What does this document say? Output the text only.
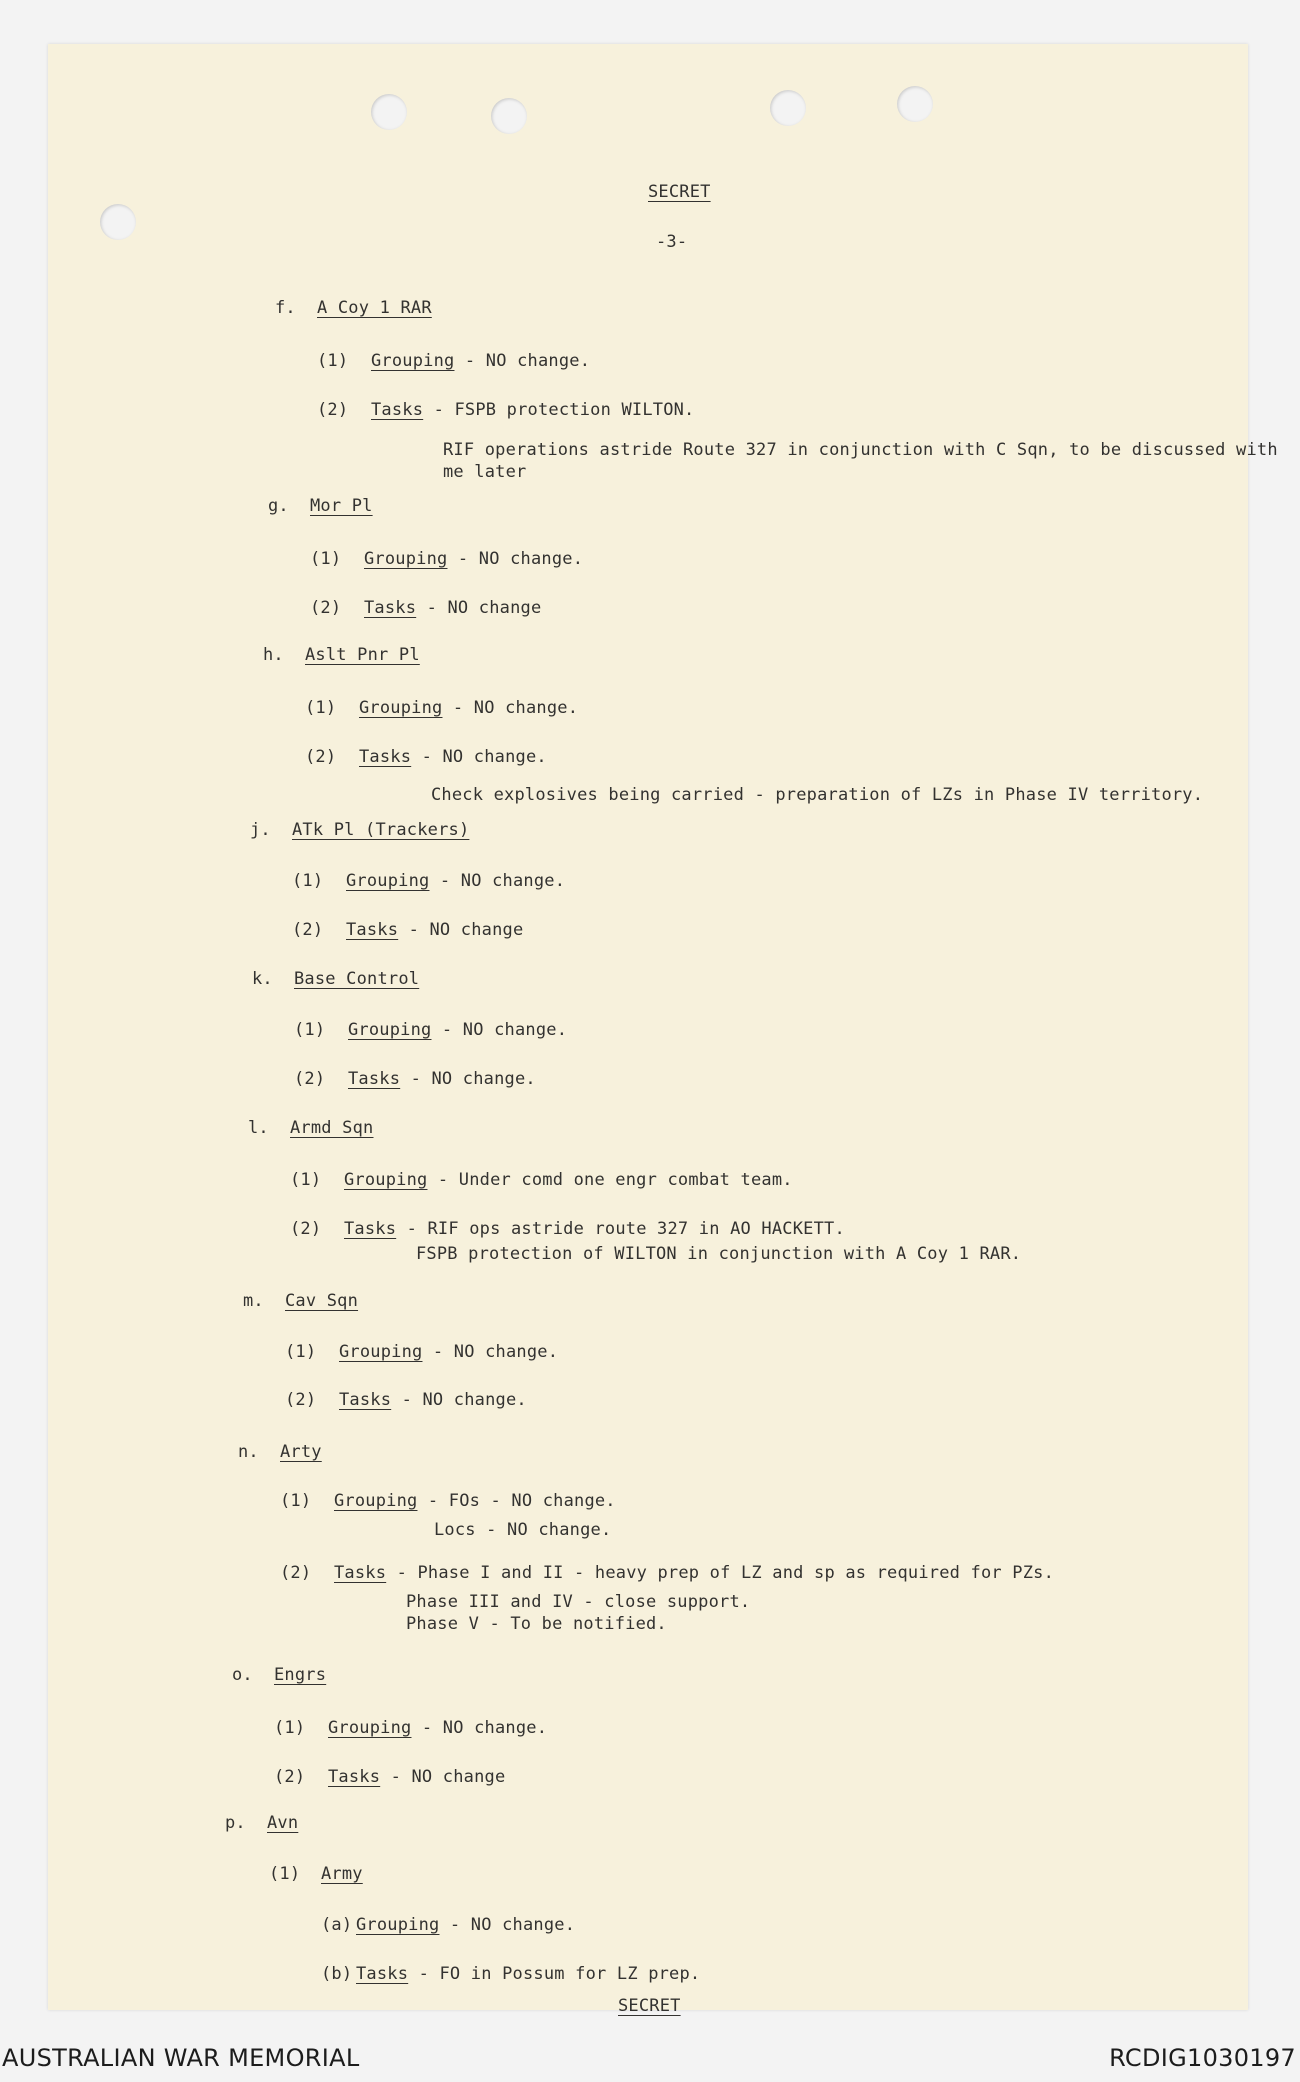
SECRET
-3-
f. A Coy 1 RAR
(1) Grouping - NO change.
(2) Tasks - FSPB protection WILTON.
RIF operations astride Route 327 in conjunction with C Sqn, to be discussed with
me later
g. Mor Pl
(1) Grouping - NO change.
(2) Tasks - NO change
h. Aslt Pnr Pl
(1) Grouping - NO change.
(2) Tasks - NO change.
Check explosives being carried - preparation of LZs in Phase IV territory.
j. ATk Pl (Trackers)
(1) Grouping - NO change.
(2) Tasks - NO change
k. Base Control
(1) Grouping - NO change.
(2) Tasks - NO change.
l. Armd Sqn
(1) Grouping - Under comd one engr combat team.
(2) Tasks - RIF ops astride route 327 in AO HACKETT.
FSPB protection of WILTON in conjunction with A Coy 1 RAR.
m. Cav Sqn
(1) Grouping - NO change.
(2) Tasks - NO change.
n. Arty
(1) Grouping - FOs - NO change.
Locs - NO change.
(2) Tasks - Phase I and II - heavy prep of LZ and sp as required for PZs.
Phase III and IV - close support.
Phase V - To be notified.
o. Engrs
(1) Grouping - NO change.
(2) Tasks - NO change
p. Avn
(1) Army
(a) Grouping - NO change.
(b) Tasks - FO in Possum for LZ prep.
SECRET
AUSTRALIAN WAR MEMORIAL	RCDIG1030197
